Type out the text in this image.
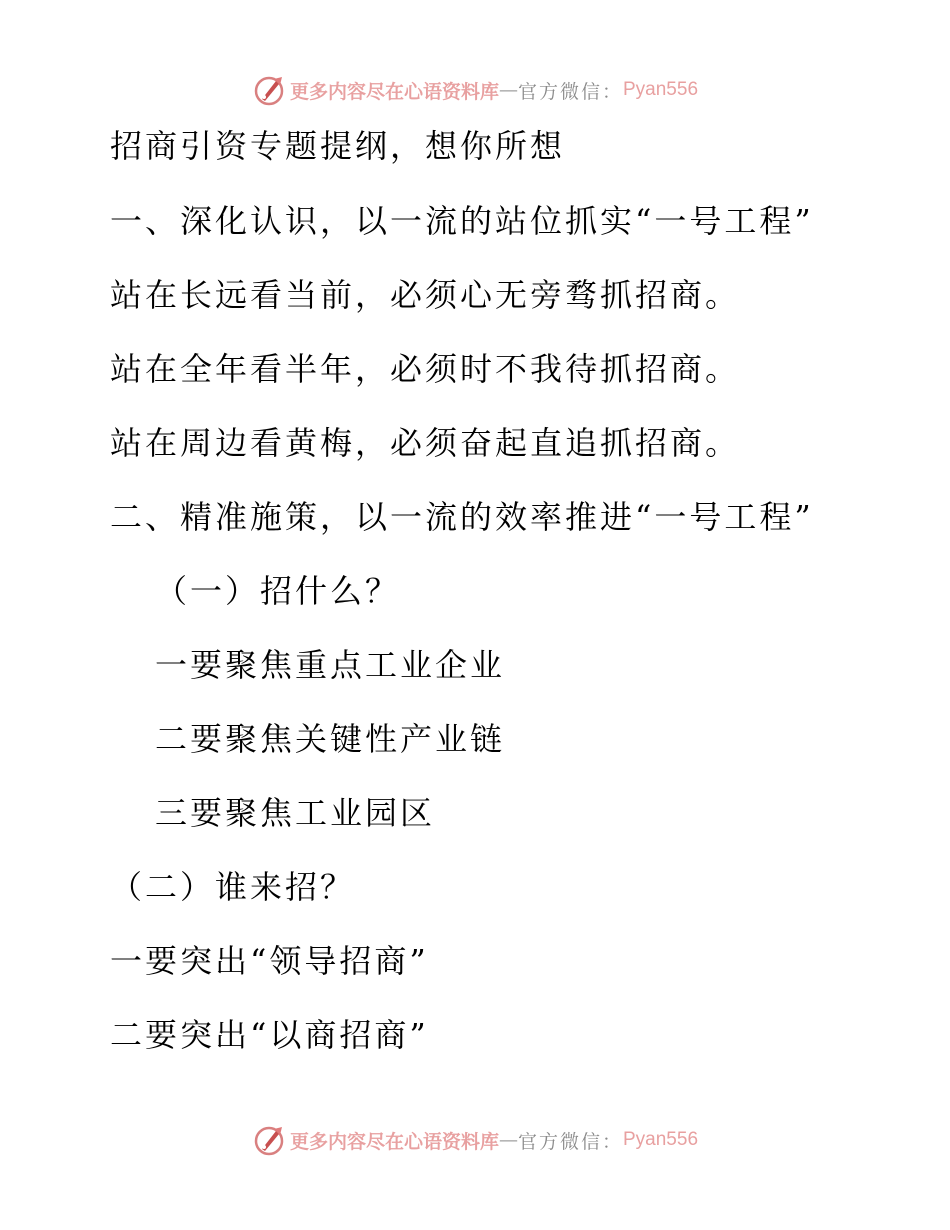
更多内容尽在心语资料库 — 官方微信： Pyan556
招商引资专题提纲，想你所想
一、深化认识，以一流的站位抓实“一号工程”
站在长远看当前，必须心无旁骛抓招商。
站在全年看半年，必须时不我待抓招商。
站在周边看黄梅，必须奋起直追抓招商。
二、精准施策，以一流的效率推进“一号工程”
（一）招什么？
一要聚焦重点工业企业
二要聚焦关键性产业链
三要聚焦工业园区
（二）谁来招？
一要突出“领导招商”
二要突出“以商招商”
更多内容尽在心语资料库 — 官方微信： Pyan556
